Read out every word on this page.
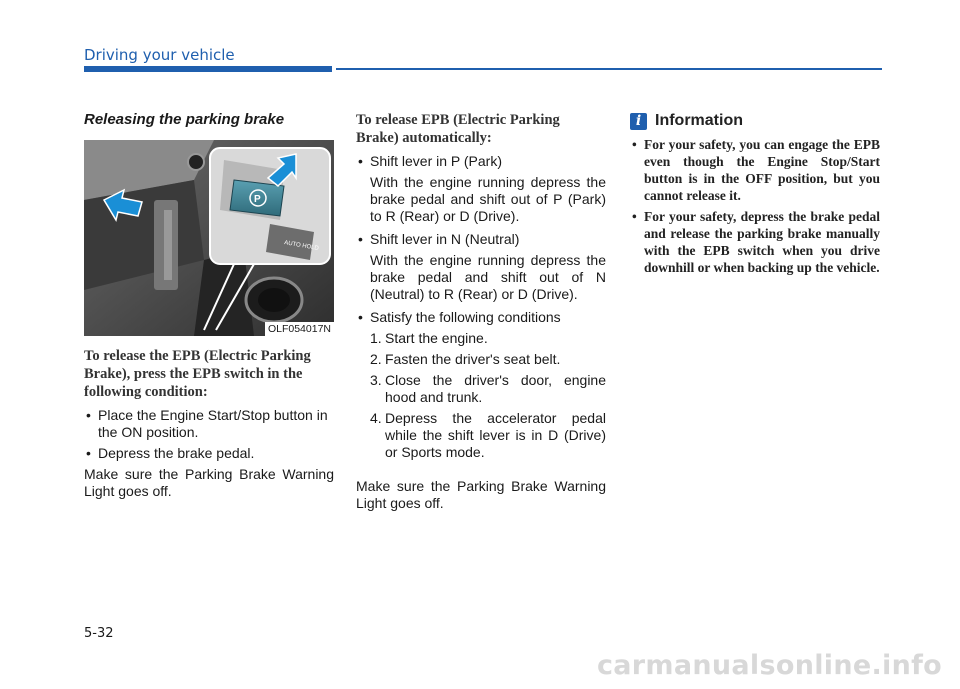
Driving your vehicle
Releasing the parking brake
P
AUTO HOLD
OLF054017N
To release the EPB (Electric Parking Brake), press the EPB switch in the following condition:
• Place the Engine Start/Stop button in the ON position.
• Depress the brake pedal.

Make sure the Parking Brake Warning Light goes off.

To release EPB (Electric Parking Brake) automatically:
• Shift lever in P (Park)

With the engine running depress the brake pedal and shift out of P (Park) to R (Rear) or D (Drive).

• Shift lever in N (Neutral)

With the engine running depress the brake pedal and shift out of N (Neutral) to R (Rear) or D (Drive).

• Satisfy the following conditions
1. Start the engine.
2. Fasten the driver's seat belt.
3. Close the driver's door, engine hood and trunk.
4. Depress the accelerator pedal while the shift lever is in D (Drive) or Sports mode.

Make sure the Parking Brake Warning Light goes off.

i Information
• For your safety, you can engage the EPB even though the Engine Stop/Start button is in the OFF position, but you cannot release it.
• For your safety, depress the brake pedal and release the parking brake manually with the EPB switch when you drive downhill or when backing up the vehicle.
5-32
carmanualsonline.info
